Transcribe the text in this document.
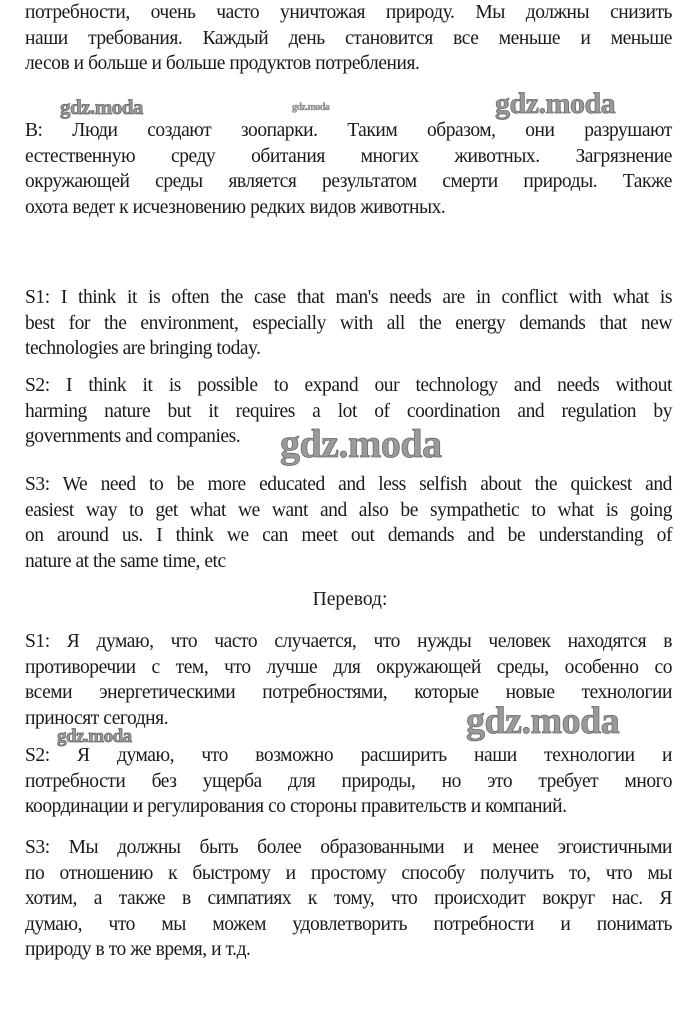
потребности, очень часто уничтожая природу. Мы должны снизить
наши требования. Каждый день становится все меньше и меньше
лесов и больше и больше продуктов потребления.
В: Люди создают зоопарки. Таким образом, они разрушают
естественную среду обитания многих животных. Загрязнение
окружающей среды является результатом смерти природы. Также
охота ведет к исчезновению редких видов животных.
S1: I think it is often the case that man's needs are in conflict with what is
best for the environment, especially with all the energy demands that new
technologies are bringing today.
S2: I think it is possible to expand our technology and needs without
harming nature but it requires a lot of coordination and regulation by
governments and companies.
S3: We need to be more educated and less selfish about the quickest and
easiest way to get what we want and also be sympathetic to what is going
on around us. I think we can meet out demands and be understanding of
nature at the same time, etc
Перевод:
S1: Я думаю, что часто случается, что нужды человек находятся в
противоречии с тем, что лучше для окружающей среды, особенно со
всеми энергетическими потребностями, которые новые технологии
приносят сегодня.
S2: Я думаю, что возможно расширить наши технологии и
потребности без ущерба для природы, но это требует много
координации и регулирования со стороны правительств и компаний.
S3: Мы должны быть более образованными и менее эгоистичными
по отношению к быстрому и простому способу получить то, что мы
хотим, а также в симпатиях к тому, что происходит вокруг нас. Я
думаю, что мы можем удовлетворить потребности и понимать
природу в то же время, и т.д.
gdz.moda	gdz.moda	gdz.moda
gdz.moda
gdz.moda
gdz.moda
